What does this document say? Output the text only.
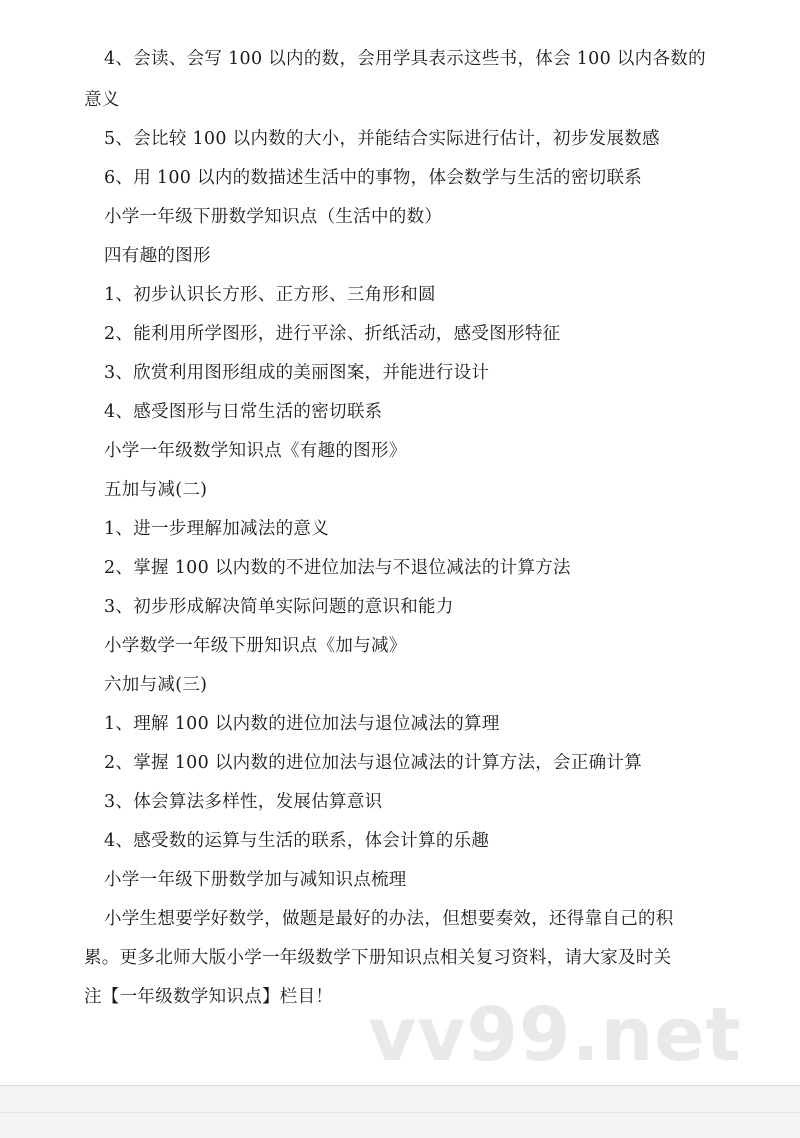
4、会读、会写 100 以内的数，会用学具表示这些书，体会 100 以内各数的
意义
5、会比较 100 以内数的大小，并能结合实际进行估计，初步发展数感
6、用 100 以内的数描述生活中的事物，体会数学与生活的密切联系
小学一年级下册数学知识点（生活中的数）
四有趣的图形
1、初步认识长方形、正方形、三角形和圆
2、能利用所学图形，进行平涂、折纸活动，感受图形特征
3、欣赏利用图形组成的美丽图案，并能进行设计
4、感受图形与日常生活的密切联系
小学一年级数学知识点《有趣的图形》
五加与减(二)
1、进一步理解加减法的意义
2、掌握 100 以内数的不进位加法与不退位减法的计算方法
3、初步形成解决简单实际问题的意识和能力
小学数学一年级下册知识点《加与减》
六加与减(三)
1、理解 100 以内数的进位加法与退位减法的算理
2、掌握 100 以内数的进位加法与退位减法的计算方法，会正确计算
3、体会算法多样性，发展估算意识
4、感受数的运算与生活的联系，体会计算的乐趣
小学一年级下册数学加与减知识点梳理
小学生想要学好数学，做题是最好的办法，但想要奏效，还得靠自己的积
累。更多北师大版小学一年级数学下册知识点相关复习资料，请大家及时关
注【一年级数学知识点】栏目！ vv99.net
